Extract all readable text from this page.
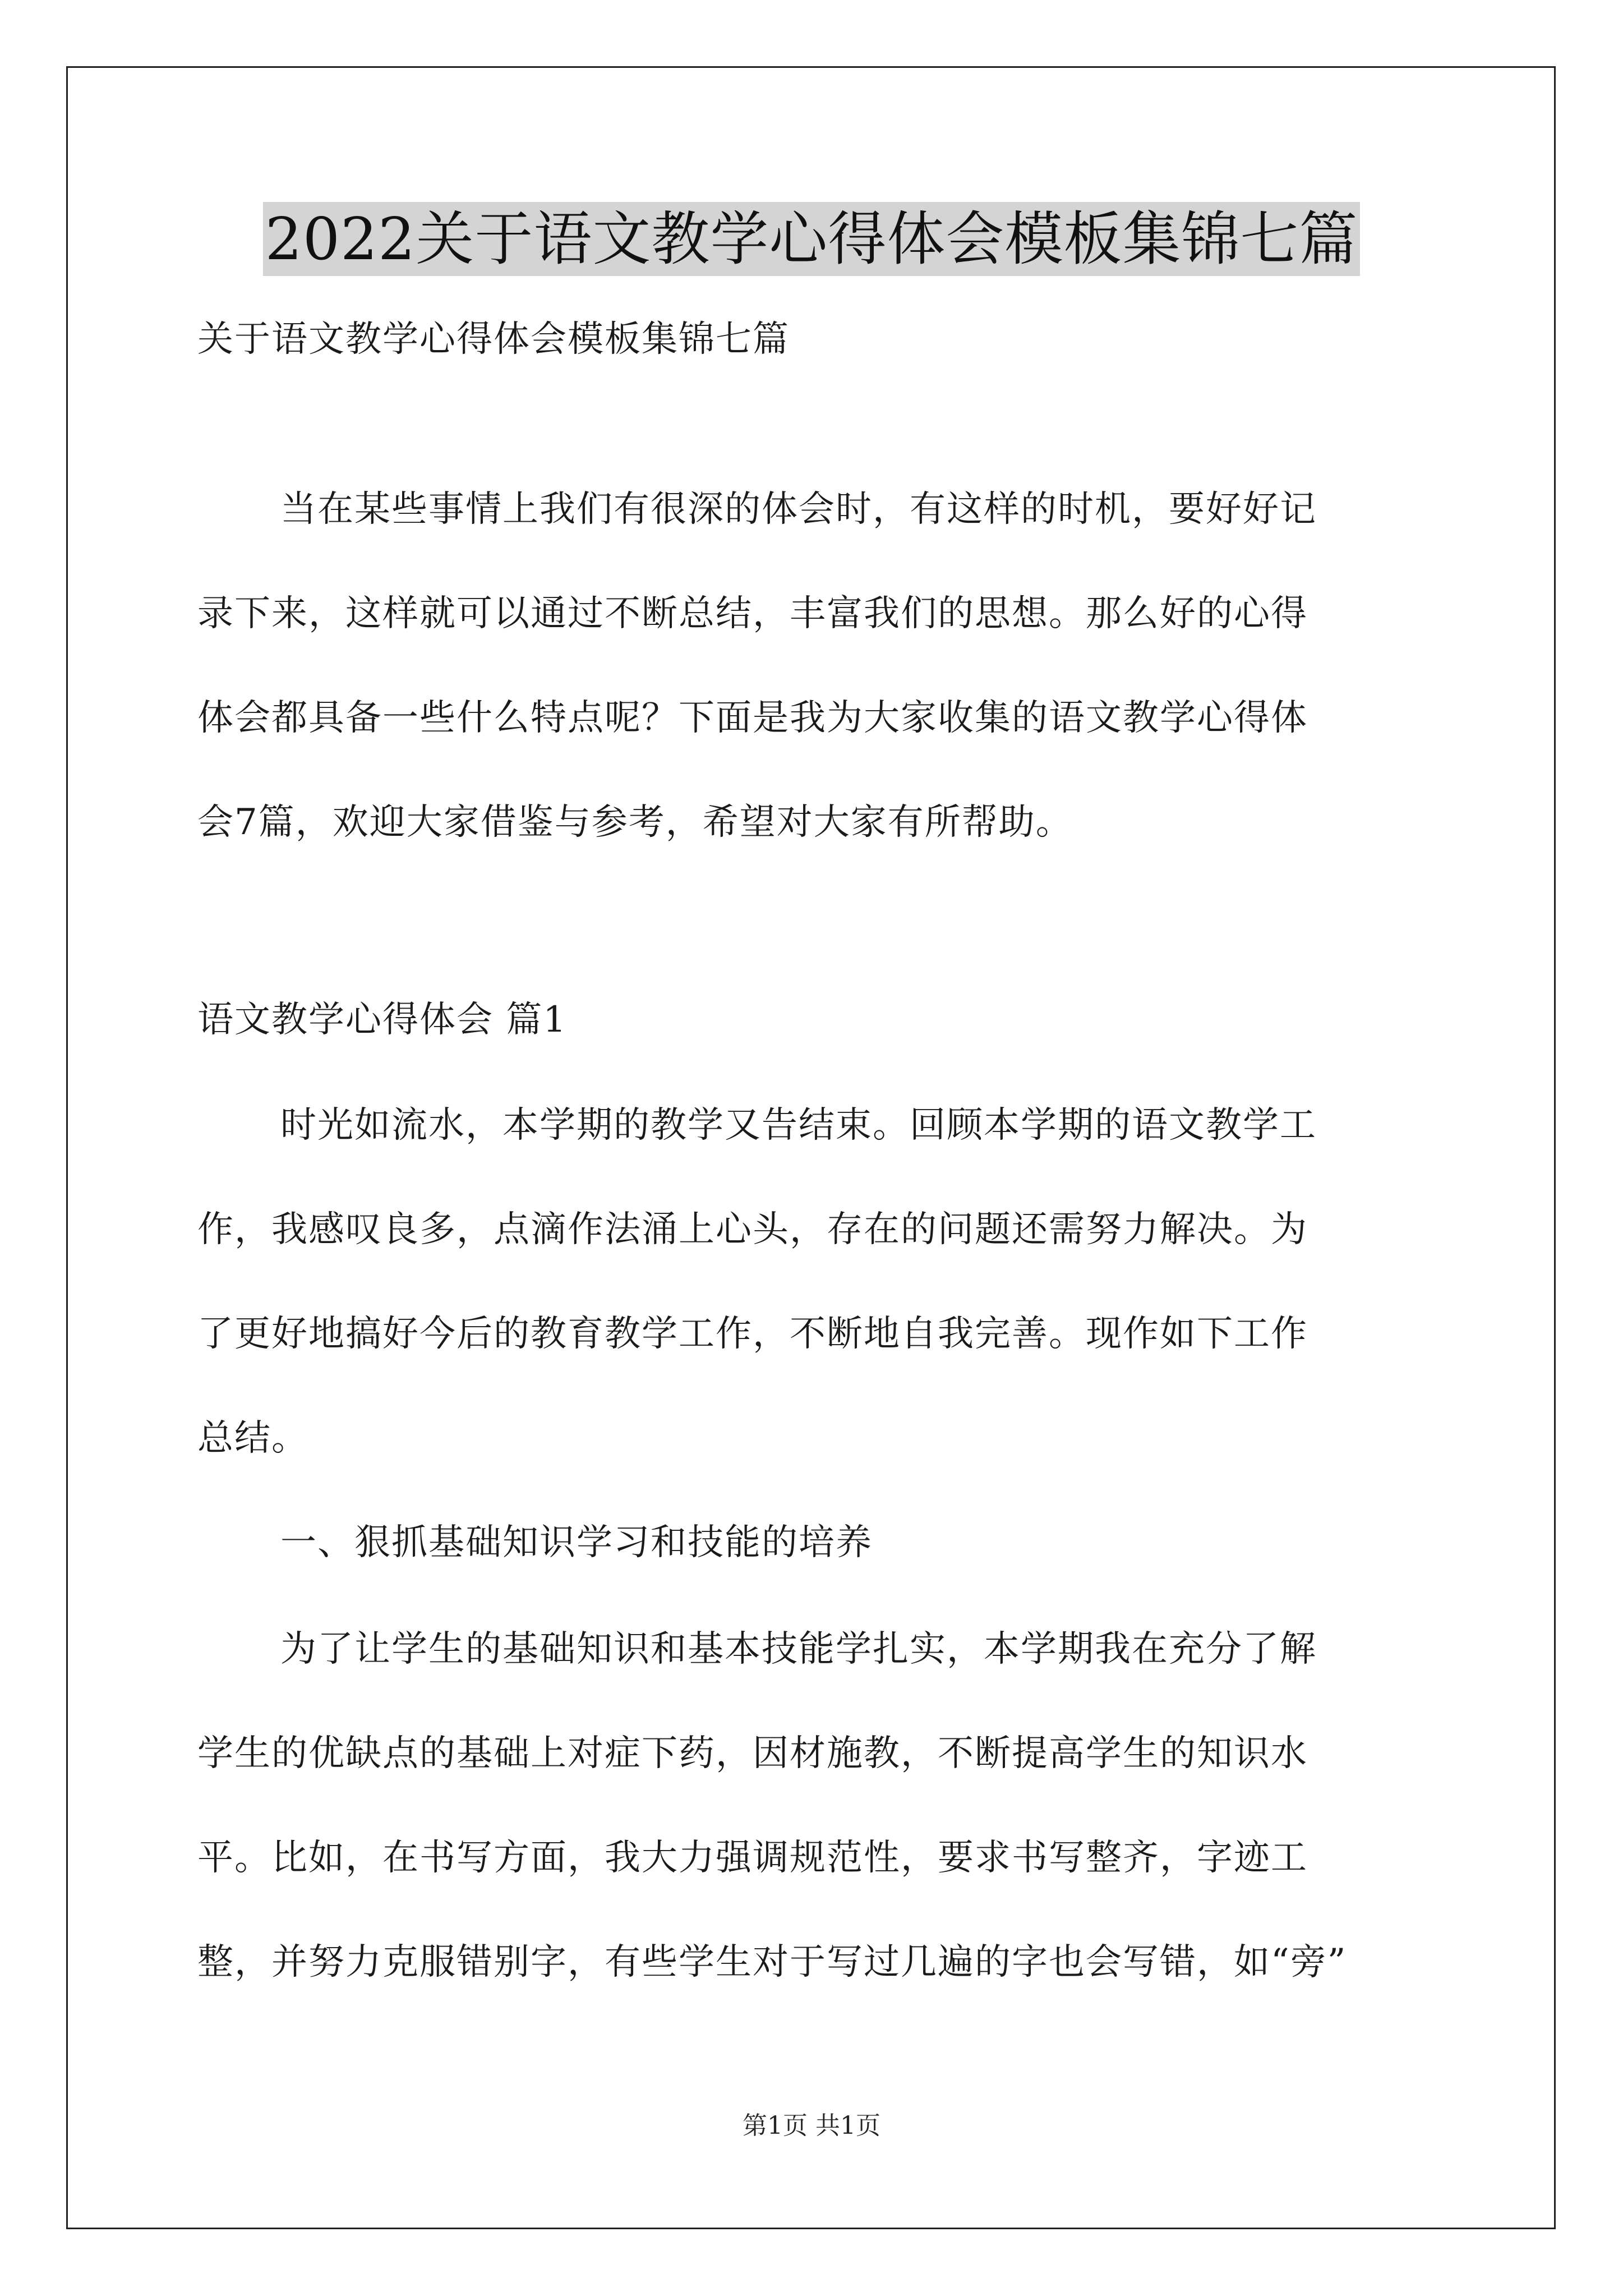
2022关于语文教学心得体会模板集锦七篇
关于语文教学心得体会模板集锦七篇
当在某些事情上我们有很深的体会时，有这样的时机，要好好记
录下来，这样就可以通过不断总结，丰富我们的思想。那么好的心得
体会都具备一些什么特点呢？下面是我为大家收集的语文教学心得体
会7篇，欢迎大家借鉴与参考，希望对大家有所帮助。
语文教学心得体会 篇1
时光如流水，本学期的教学又告结束。回顾本学期的语文教学工
作，我感叹良多，点滴作法涌上心头，存在的问题还需努力解决。为
了更好地搞好今后的教育教学工作，不断地自我完善。现作如下工作
总结。
一、狠抓基础知识学习和技能的培养
为了让学生的基础知识和基本技能学扎实，本学期我在充分了解
学生的优缺点的基础上对症下药，因材施教，不断提高学生的知识水
平。比如，在书写方面，我大力强调规范性，要求书写整齐，字迹工
整，并努力克服错别字，有些学生对于写过几遍的字也会写错，如“旁”
第1页 共1页
